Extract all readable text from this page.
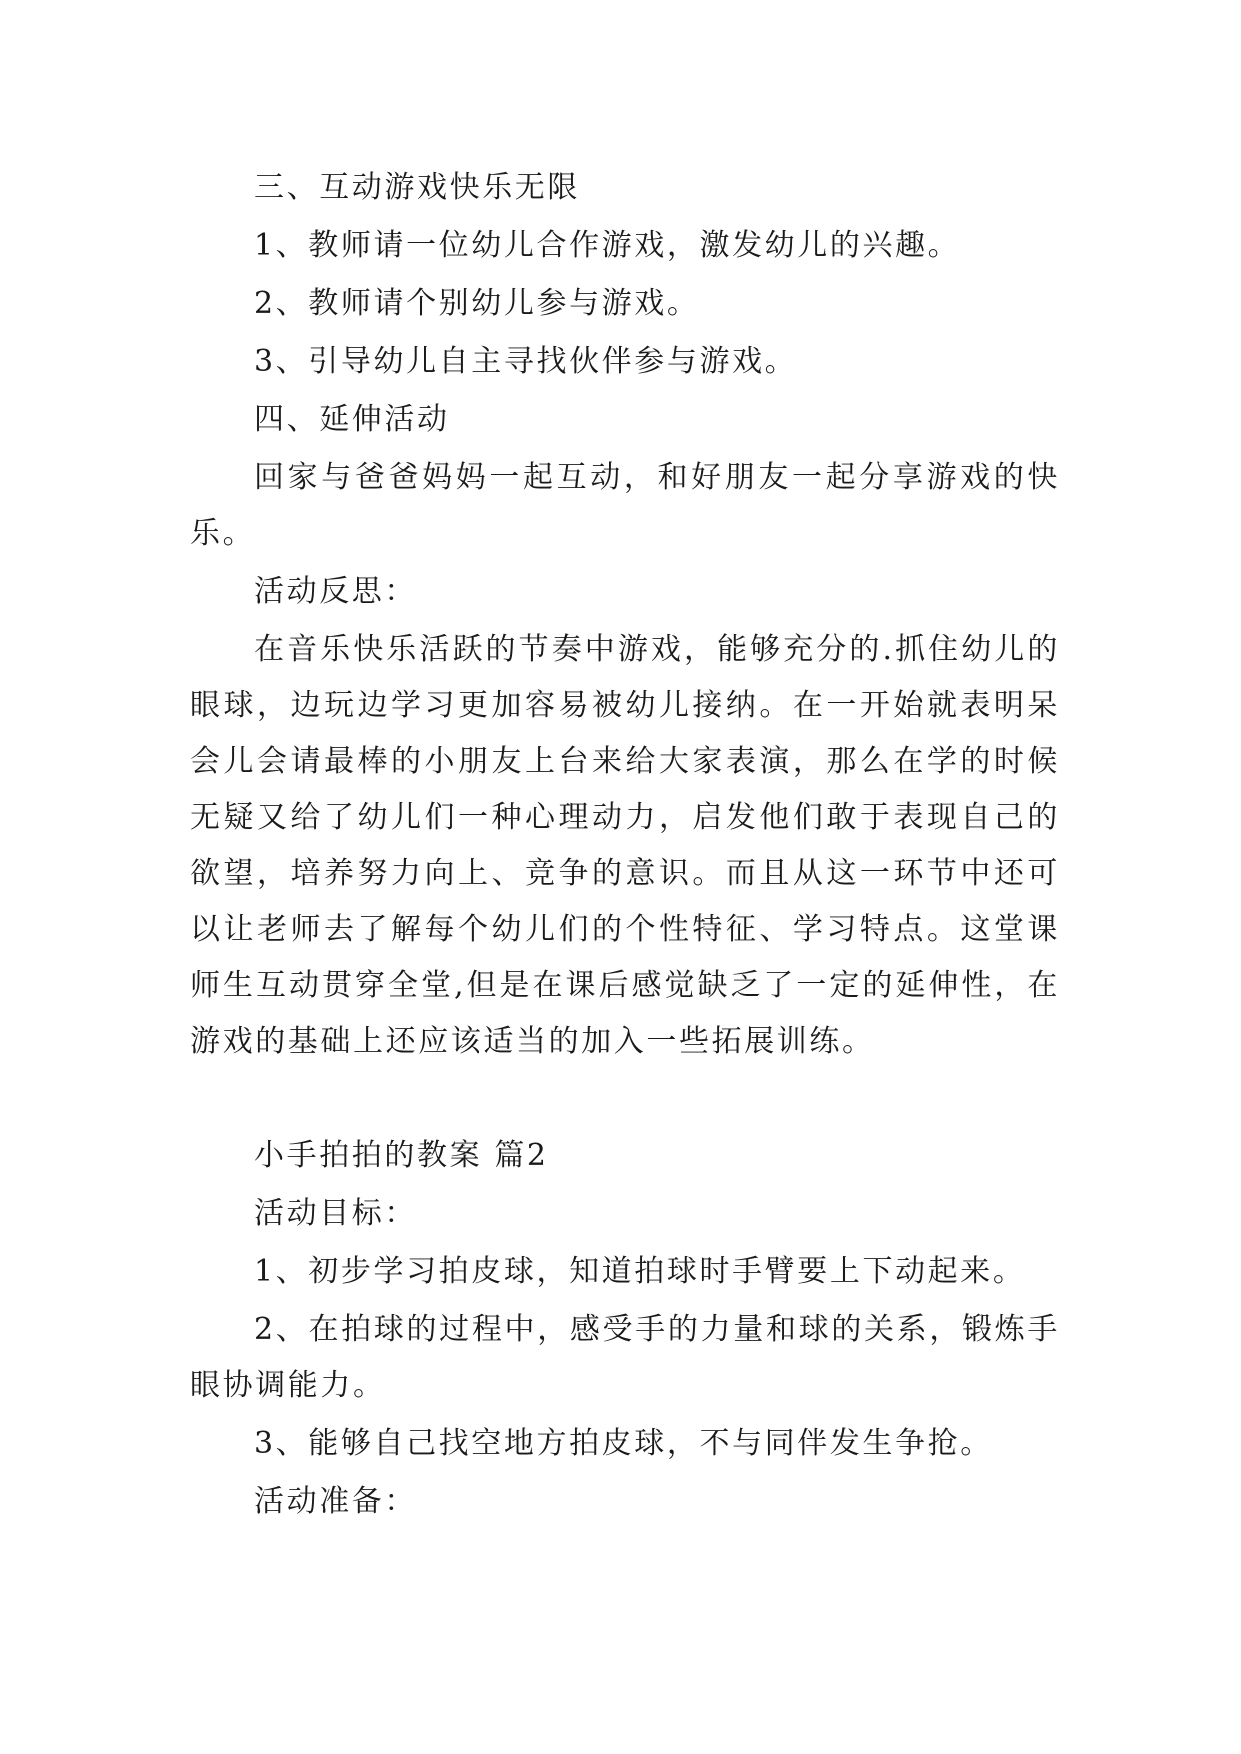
三、互动游戏快乐无限

1、教师请一位幼儿合作游戏，激发幼儿的兴趣。

2、教师请个别幼儿参与游戏。

3、引导幼儿自主寻找伙伴参与游戏。

四、延伸活动

回家与爸爸妈妈一起互动，和好朋友一起分享游戏的快乐。

活动反思：

在音乐快乐活跃的节奏中游戏，能够充分的.抓住幼儿的眼球，边玩边学习更加容易被幼儿接纳。在一开始就表明呆会儿会请最棒的小朋友上台来给大家表演，那么在学的时候无疑又给了幼儿们一种心理动力，启发他们敢于表现自己的欲望，培养努力向上、竞争的意识。而且从这一环节中还可以让老师去了解每个幼儿们的个性特征、学习特点。这堂课师生互动贯穿全堂,但是在课后感觉缺乏了一定的延伸性，在游戏的基础上还应该适当的加入一些拓展训练。

小手拍拍的教案 篇2

活动目标：

1、初步学习拍皮球，知道拍球时手臂要上下动起来。

2、在拍球的过程中，感受手的力量和球的关系，锻炼手眼协调能力。

3、能够自己找空地方拍皮球，不与同伴发生争抢。

活动准备：
